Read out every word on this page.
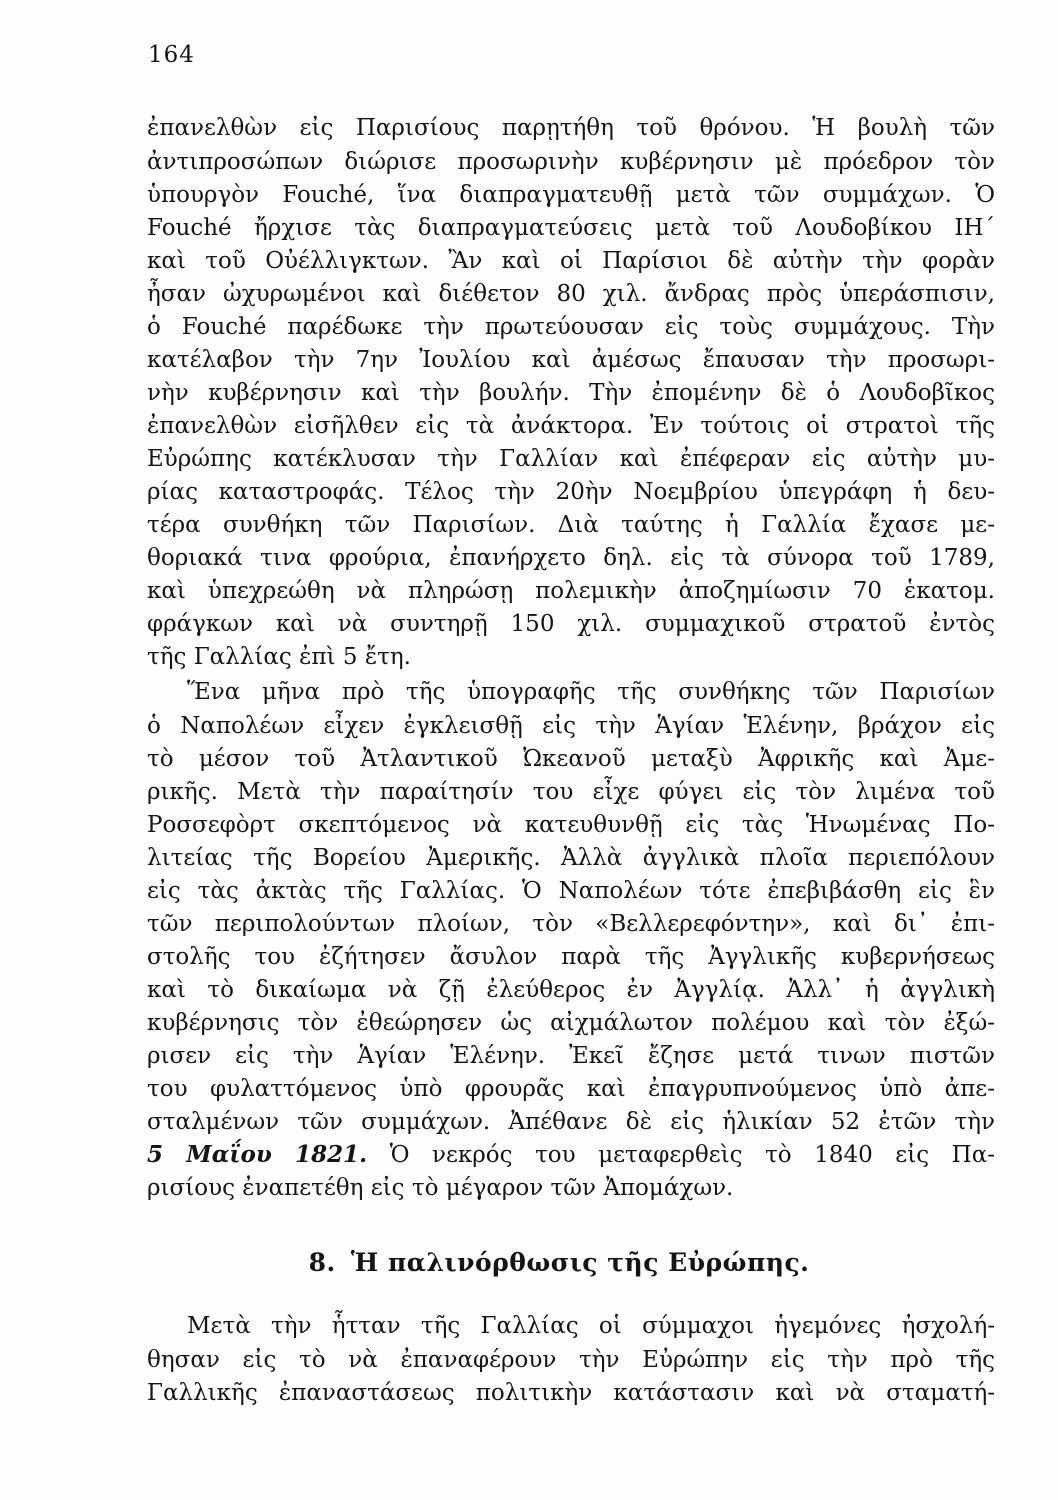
164
ἐπανελθὼν εἰς Παρισίους παρῃτήθη τοῦ θρόνου. Ἡ βουλὴ τῶν
ἀντιπροσώπων διώρισε προσωρινὴν κυβέρνησιν μὲ πρόεδρον τὸν
ὑπουργὸν Fouché, ἵνα διαπραγματευθῇ μετὰ τῶν συμμάχων. Ὁ
Fouché ἤρχισε τὰς διαπραγματεύσεις μετὰ τοῦ Λουδοβίκου ΙΗ΄
καὶ τοῦ Οὐέλλιγκτων. Ἂν καὶ οἱ Παρίσιοι δὲ αὐτὴν τὴν φορὰν
ἦσαν ὠχυρωμένοι καὶ διέθετον 80 χιλ. ἄνδρας πρὸς ὑπεράσπισιν,
ὁ Fouché παρέδωκε τὴν πρωτεύουσαν εἰς τοὺς συμμάχους. Τὴν
κατέλαβον τὴν 7ην Ἰουλίου καὶ ἀμέσως ἔπαυσαν τὴν προσωρι-
νὴν κυβέρνησιν καὶ τὴν βουλήν. Τὴν ἐπομένην δὲ ὁ Λουδοβῖκος
ἐπανελθὼν εἰσῆλθεν εἰς τὰ ἀνάκτορα. Ἐν τούτοις οἱ στρατοὶ τῆς
Εὐρώπης κατέκλυσαν τὴν Γαλλίαν καὶ ἐπέφεραν εἰς αὐτὴν μυ-
ρίας καταστροφάς. Τέλος τὴν 20ὴν Νοεμβρίου ὑπεγράφη ἡ δευ-
τέρα συνθήκη τῶν Παρισίων. Διὰ ταύτης ἡ Γαλλία ἔχασε με-
θοριακά τινα φρούρια, ἐπανήρχετο δηλ. εἰς τὰ σύνορα τοῦ 1789,
καὶ ὑπεχρεώθη νὰ πληρώσῃ πολεμικὴν ἀποζημίωσιν 70 ἑκατομ.
φράγκων καὶ νὰ συντηρῇ 150 χιλ. συμμαχικοῦ στρατοῦ ἐντὸς
τῆς Γαλλίας ἐπὶ 5 ἔτη.
Ἕνα μῆνα πρὸ τῆς ὑπογραφῆς τῆς συνθήκης τῶν Παρισίων
ὁ Ναπολέων εἶχεν ἐγκλεισθῇ εἰς τὴν Ἁγίαν Ἑλένην, βράχον εἰς
τὸ μέσον τοῦ Ἀτλαντικοῦ Ὠκεανοῦ μεταξὺ Ἀφρικῆς καὶ Ἀμε-
ρικῆς. Μετὰ τὴν παραίτησίν του εἶχε φύγει εἰς τὸν λιμένα τοῦ
Ροσσεφὸρτ σκεπτόμενος νὰ κατευθυνθῇ εἰς τὰς Ἡνωμένας Πο-
λιτείας τῆς Βορείου Ἀμερικῆς. Ἀλλὰ ἀγγλικὰ πλοῖα περιεπόλουν
εἰς τὰς ἀκτὰς τῆς Γαλλίας. Ὁ Ναπολέων τότε ἐπεβιβάσθη εἰς ἓν
τῶν περιπολούντων πλοίων, τὸν «Βελλερεφόντην», καὶ δι᾿ ἐπι-
στολῆς του ἐζήτησεν ἄσυλον παρὰ τῆς Ἀγγλικῆς κυβερνήσεως
καὶ τὸ δικαίωμα νὰ ζῇ ἐλεύθερος ἐν Ἀγγλίᾳ. Ἀλλ᾿ ἡ ἀγγλικὴ
κυβέρνησις τὸν ἐθεώρησεν ὡς αἰχμάλωτον πολέμου καὶ τὸν ἐξώ-
ρισεν εἰς τὴν Ἁγίαν Ἑλένην. Ἐκεῖ ἔζησε μετά τινων πιστῶν
του φυλαττόμενος ὑπὸ φρουρᾶς καὶ ἐπαγρυπνούμενος ὑπὸ ἀπε-
σταλμένων τῶν συμμάχων. Ἀπέθανε δὲ εἰς ἡλικίαν 52 ἐτῶν τὴν
5 Μαΐου 1821. Ὁ νεκρός του μεταφερθεὶς τὸ 1840 εἰς Πα-
ρισίους ἐναπετέθη εἰς τὸ μέγαρον τῶν Ἀπομάχων.
8. Ἡ παλινόρθωσις τῆς Εὐρώπης.
Μετὰ τὴν ἧτταν τῆς Γαλλίας οἱ σύμμαχοι ἡγεμόνες ἠσχολή-
θησαν εἰς τὸ νὰ ἐπαναφέρουν τὴν Εὐρώπην εἰς τὴν πρὸ τῆς
Γαλλικῆς ἐπαναστάσεως πολιτικὴν κατάστασιν καὶ νὰ σταματή-
